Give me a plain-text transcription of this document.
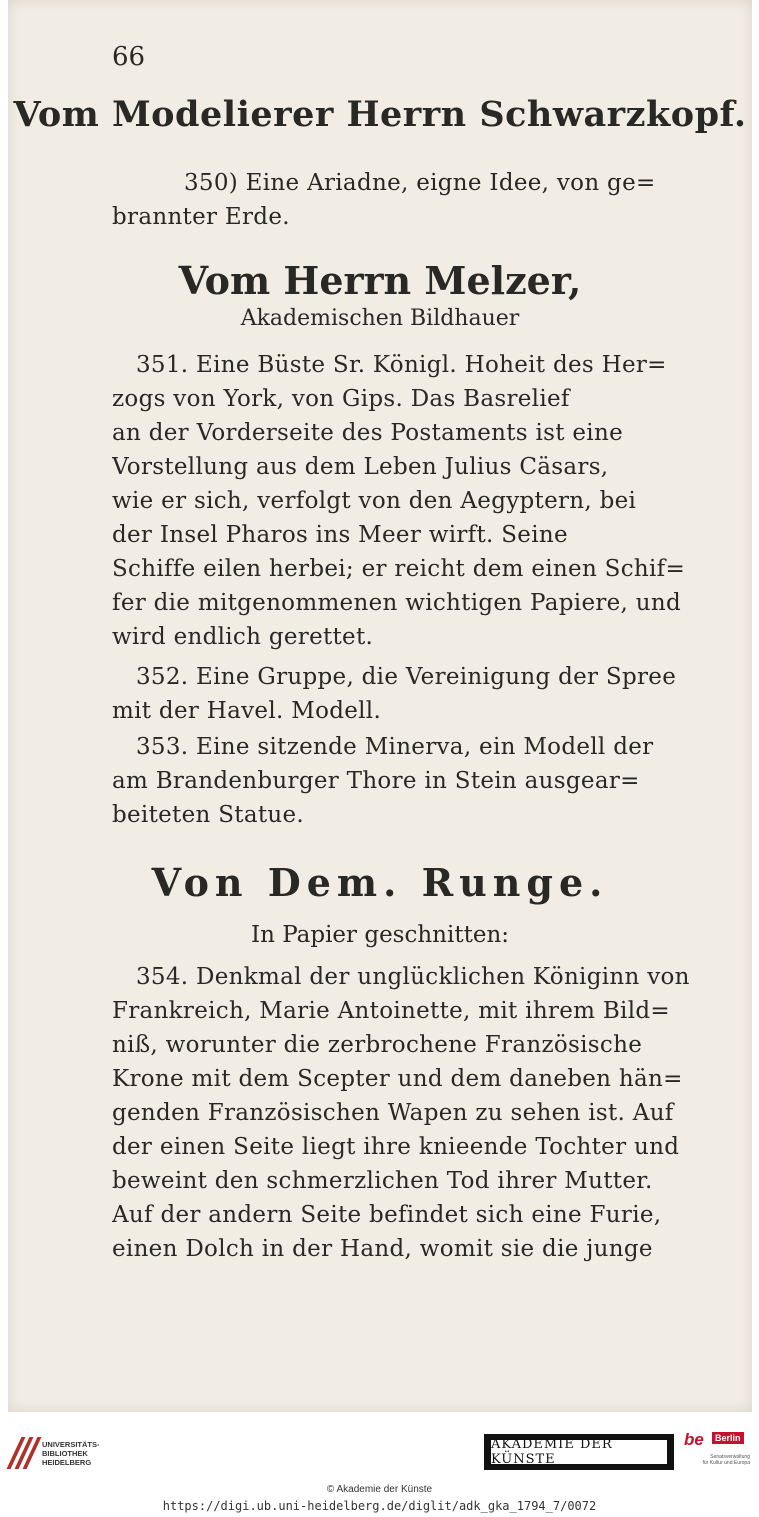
66
Vom Modelierer Herrn Schwarzkopf.
350) Eine Ariadne, eigne Idee, von ge=
brannter Erde.
Vom Herrn Melzer,
Akademischen Bildhauer
351. Eine Büste Sr. Königl. Hoheit des Her=
zogs von York, von Gips. Das Basrelief
an der Vorderseite des Postaments ist eine
Vorstellung aus dem Leben Julius Cäsars,
wie er sich, verfolgt von den Aegyptern, bei
der Insel Pharos ins Meer wirft. Seine
Schiffe eilen herbei; er reicht dem einen Schif=
fer die mitgenommenen wichtigen Papiere, und
wird endlich gerettet.
352. Eine Gruppe, die Vereinigung der Spree
mit der Havel. Modell.
353. Eine sitzende Minerva, ein Modell der
am Brandenburger Thore in Stein ausgear=
beiteten Statue.
Von Dem. Runge.
In Papier geschnitten:
354. Denkmal der unglücklichen Königinn von
Frankreich, Marie Antoinette, mit ihrem Bild=
niß, worunter die zerbrochene Französische
Krone mit dem Scepter und dem daneben hän=
genden Französischen Wapen zu sehen ist. Auf
der einen Seite liegt ihre knieende Tochter und
beweint den schmerzlichen Tod ihrer Mutter.
Auf der andern Seite befindet sich eine Furie,
einen Dolch in der Hand, womit sie die junge
UNIVERSITÄTS-
BIBLIOTHEK
HEIDELBERG
AKADEMIE DER KÜNSTE
be	Berlin
Senatsverwaltung
für Kultur und Europa
© Akademie der Künste
https://digi.ub.uni-heidelberg.de/diglit/adk_gka_1794_7/0072
